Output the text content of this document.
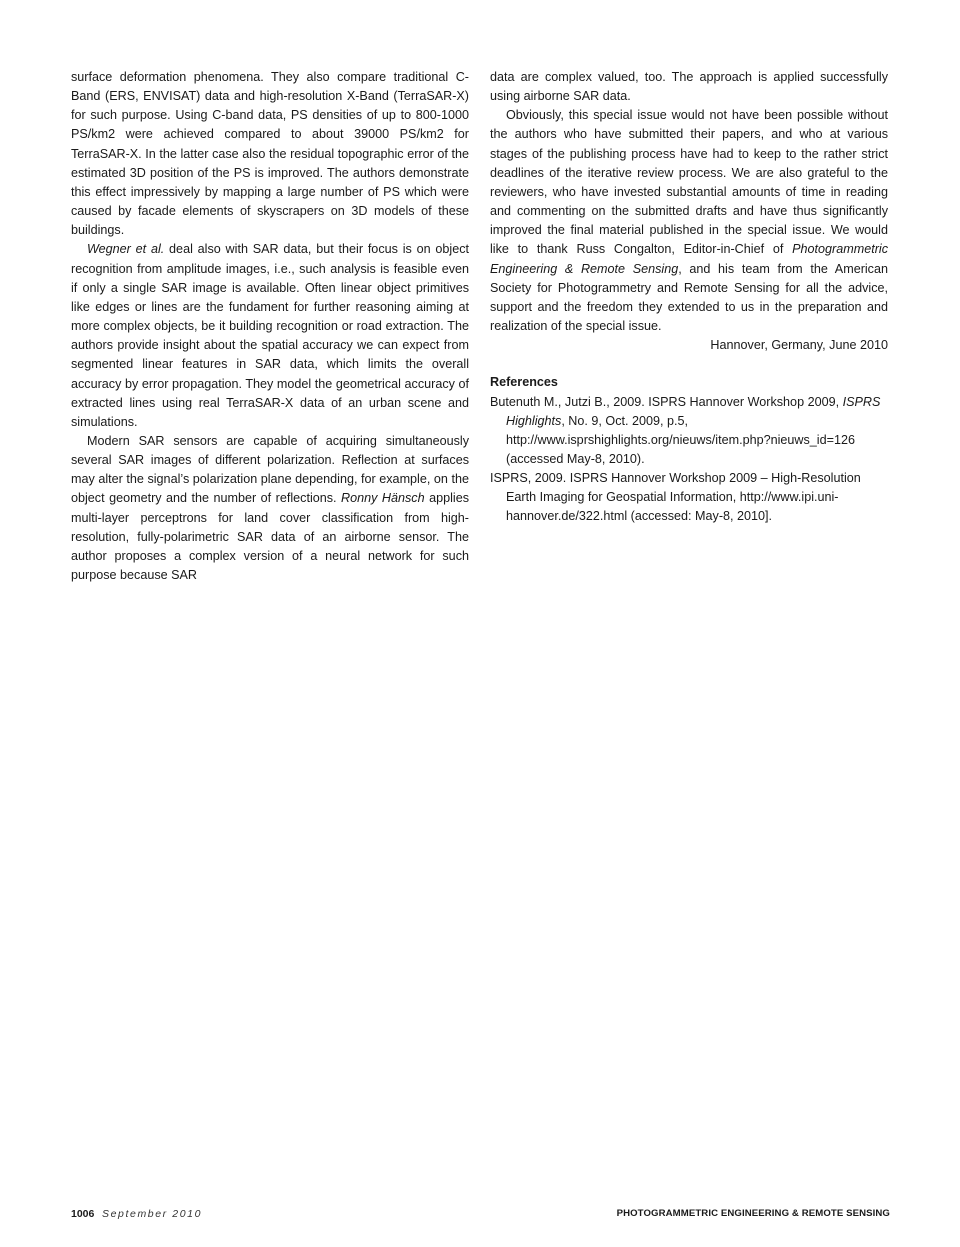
surface deformation phenomena. They also compare traditional C-Band (ERS, ENVISAT) data and high-resolution X-Band (TerraSAR-X) for such purpose. Using C-band data, PS densities of up to 800-1000 PS/km2 were achieved compared to about 39000 PS/km2 for TerraSAR-X. In the latter case also the residual topographic error of the estimated 3D position of the PS is improved. The authors demonstrate this effect impressively by mapping a large number of PS which were caused by facade elements of skyscrapers on 3D models of these buildings.

Wegner et al. deal also with SAR data, but their focus is on object recognition from amplitude images, i.e., such analysis is feasible even if only a single SAR image is available. Often linear object primitives like edges or lines are the fundament for further reasoning aiming at more complex objects, be it building recognition or road extraction. The authors provide insight about the spatial accuracy we can expect from segmented linear features in SAR data, which limits the overall accuracy by error propagation. They model the geometrical accuracy of extracted lines using real TerraSAR-X data of an urban scene and simulations.

Modern SAR sensors are capable of acquiring simultaneously several SAR images of different polarization. Reflection at surfaces may alter the signal’s polarization plane depending, for example, on the object geometry and the number of reflections. Ronny Hänsch applies multi-layer perceptrons for land cover classification from high-resolution, fully-polarimetric SAR data of an airborne sensor. The author proposes a complex version of a neural network for such purpose because SAR

data are complex valued, too. The approach is applied successfully using airborne SAR data.

Obviously, this special issue would not have been possible without the authors who have submitted their papers, and who at various stages of the publishing process have had to keep to the rather strict deadlines of the iterative review process. We are also grateful to the reviewers, who have invested substantial amounts of time in reading and commenting on the submitted drafts and have thus significantly improved the final material published in the special issue. We would like to thank Russ Congalton, Editor-in-Chief of Photogrammetric Engineering & Remote Sensing, and his team from the American Society for Photogrammetry and Remote Sensing for all the advice, support and the freedom they extended to us in the preparation and realization of the special issue.

Hannover, Germany, June 2010

References

Butenuth M., Jutzi B., 2009. ISPRS Hannover Workshop 2009, ISPRS Highlights, No. 9, Oct. 2009, p.5, http://www.isprshighlights.org/nieuws/item.php?nieuws_id=126 (accessed May-8, 2010).

ISPRS, 2009. ISPRS Hannover Workshop 2009 – High-Resolution Earth Imaging for Geospatial Information, http://www.ipi.uni-hannover.de/322.html (accessed: May-8, 2010].

1006 September 2010	PHOTOGRAMMETRIC ENGINEERING & REMOTE SENSING
